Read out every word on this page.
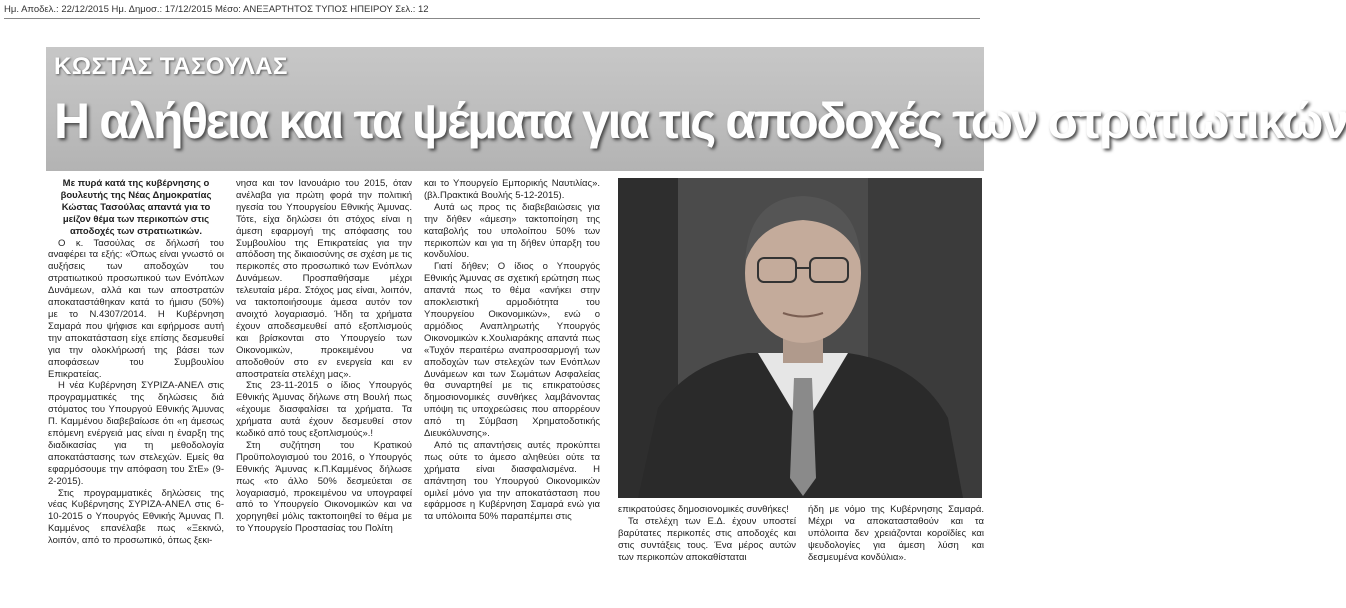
Ημ. Αποδελ.: 22/12/2015 Ημ. Δημοσ.: 17/12/2015 Μέσο: ΑΝΕΞΑΡΤΗΤΟΣ ΤΥΠΟΣ ΗΠΕΙΡΟΥ Σελ.: 12
ΚΩΣΤΑΣ ΤΑΣΟΥΛΑΣ
Η αλήθεια και τα ψέματα για τις αποδοχές των στρατιωτικών

Με πυρά κατά της κυβέρνησης ο βουλευτής της Νέας Δημοκρατίας Κώστας Τασούλας απαντά για το μείζον θέμα των περικοπών στις αποδοχές των στρατιωτικών.

Ο κ. Τασούλας σε δήλωσή του αναφέρει τα εξής: «Όπως είναι γνωστό οι αυξήσεις των αποδοχών του στρατιωτικού προσωπικού των Ενόπλων Δυνάμεων, αλλά και των αποστρατών αποκαταστάθηκαν κατά το ήμισυ (50%) με το Ν.4307/2014. Η Κυβέρνηση Σαμαρά που ψήφισε και εφήρμοσε αυτή την αποκατάσταση είχε επίσης δεσμευθεί για την ολοκλήρωσή της βάσει των αποφάσεων του Συμβουλίου Επικρατείας.

Η νέα Κυβέρνηση ΣΥΡΙΖΑ-ΑΝΕΛ στις προγραμματικές της δηλώσεις διά στόματος του Υπουργού Εθνικής Άμυνας Π. Καμμένου διαβεβαίωσε ότι «η άμεσως επόμενη ενέργειά μας είναι η έναρξη της διαδικασίας για τη μεθοδολογία αποκατάστασης των στελεχών. Εμείς θα εφαρμόσουμε την απόφαση του ΣτΕ» (9-2-2015).

Στις προγραμματικές δηλώσεις της νέας Κυβέρνησης ΣΥΡΙΖΑ-ΑΝΕΛ στις 6-10-2015 ο Υπουργός Εθνικής Άμυνας Π. Καμμένος επανέλαβε πως «Ξεκινώ, λοιπόν, από το προσωπικό, όπως ξεκι-

νησα και τον Ιανουάριο του 2015, όταν ανέλαβα για πρώτη φορά την πολιτική ηγεσία του Υπουργείου Εθνικής Άμυνας. Τότε, είχα δηλώσει ότι στόχος είναι η άμεση εφαρμογή της απόφασης του Συμβουλίου της Επικρατείας για την απόδοση της δικαιοσύνης σε σχέση με τις περικοπές στο προσωπικό των Ενόπλων Δυνάμεων. Προσπαθήσαμε μέχρι τελευταία μέρα. Στόχος μας είναι, λοιπόν, να τακτοποιήσουμε άμεσα αυτόν τον ανοιχτό λογαριασμό. Ήδη τα χρήματα έχουν αποδεσμευθεί από εξοπλισμούς και βρίσκονται στο Υπουργείο των Οικονομικών, προκειμένου να αποδοθούν στο εν ενεργεία και εν αποστρατεία στελέχη μας».

Στις 23-11-2015 ο ίδιος Υπουργός Εθνικής Άμυνας δήλωνε στη Βουλή πως «έχουμε διασφαλίσει τα χρήματα. Τα χρήματα αυτά έχουν δεσμευθεί στον κωδικό από τους εξοπλισμούς».!

Στη συζήτηση του Κρατικού Προϋπολογισμού του 2016, ο Υπουργός Εθνικής Άμυνας κ.Π.Καμμένος δήλωσε πως «το άλλο 50% δεσμεύεται σε λογαριασμό, προκειμένου να υπογραφεί από το Υπουργείο Οικονομικών και να χορηγηθεί μόλις τακτοποιηθεί το θέμα με το Υπουργείο Προστασίας του Πολίτη

και το Υπουργείο Εμπορικής Ναυτιλίας». (βλ.Πρακτικά Βουλής 5-12-2015).

Αυτά ως προς τις διαβεβαιώσεις για την δήθεν «άμεση» τακτοποίηση της καταβολής του υπολοίπου 50% των περικοπών και για τη δήθεν ύπαρξη του κονδυλίου.

Γιατί δήθεν; Ο ίδιος ο Υπουργός Εθνικής Άμυνας σε σχετική ερώτηση πως απαντά πως το θέμα «ανήκει στην αποκλειστική αρμοδιότητα του Υπουργείου Οικονομικών», ενώ ο αρμόδιος Αναπληρωτής Υπουργός Οικονομικών κ.Χουλιαράκης απαντά πως «Τυχόν περαιτέρω αναπροσαρμογή των αποδοχών των στελεχών των Ενόπλων Δυνάμεων και των Σωμάτων Ασφαλείας θα συναρτηθεί με τις επικρατούσες δημοσιονομικές συνθήκες λαμβάνοντας υπόψη τις υποχρεώσεις που απορρέουν από τη Σύμβαση Χρηματοδοτικής Διευκόλυνσης».

Από τις απαντήσεις αυτές προκύπτει πως ούτε το άμεσο αληθεύει ούτε τα χρήματα είναι διασφαλισμένα. Η απάντηση του Υπουργού Οικονομικών ομιλεί μόνο για την αποκατάσταση που εφάρμοσε η Κυβέρνηση Σαμαρά ενώ για τα υπόλοιπα 50% παραπέμπει στις

επικρατούσες δημοσιονομικές συνθήκες!

Τα στελέχη των Ε.Δ. έχουν υποστεί βαρύτατες περικοπές στις αποδοχές και στις συντάξεις τους. Ένα μέρος αυτών των περικοπών αποκαθίσταται

ήδη με νόμο της Κυβέρνησης Σαμαρά. Μέχρι να αποκατασταθούν και τα υπόλοιπα δεν χρειάζονται κοροϊδίες και ψευδολογίες για άμεση λύση και δεσμευμένα κονδύλια».
